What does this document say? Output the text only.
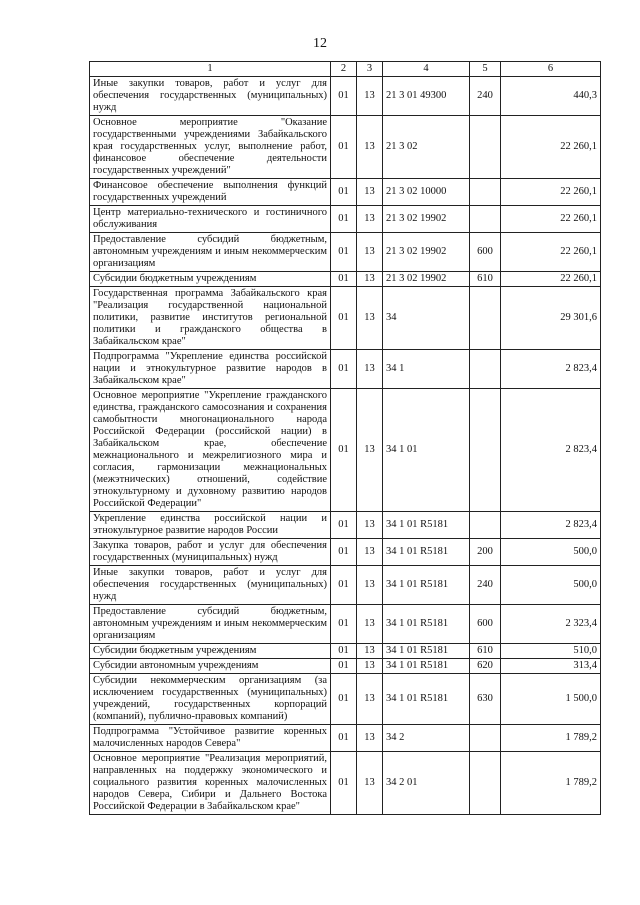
12
1	2	3	4	5	6
Иные закупки товаров, работ и услуг для обеспечения государственных (муниципальных) нужд	01	13	21 3 01 49300	240	440,3
Основное мероприятие "Оказание государственными учреждениями Забайкальского края государственных услуг, выполнение работ, финансовое обеспечение деятельности государственных учреждений"	01	13	21 3 02		22 260,1
Финансовое обеспечение выполнения функций государственных учреждений	01	13	21 3 02 10000		22 260,1
Центр материально-технического и гостиничного обслуживания	01	13	21 3 02 19902		22 260,1
Предоставление субсидий бюджетным, автономным учреждениям и иным некоммерческим организациям	01	13	21 3 02 19902	600	22 260,1
Субсидии бюджетным учреждениям	01	13	21 3 02 19902	610	22 260,1
Государственная программа Забайкальского края "Реализация государственной национальной политики, развитие институтов региональной политики и гражданского общества в Забайкальском крае"	01	13	34		29 301,6
Подпрограмма "Укрепление единства российской нации и этнокультурное развитие народов в Забайкальском крае"	01	13	34 1		2 823,4
Основное мероприятие "Укрепление гражданского единства, гражданского самосознания и сохранения самобытности многонационального народа Российской Федерации (российской нации) в Забайкальском крае, обеспечение межнационального и межрелигиозного мира и согласия, гармонизации межнациональных (межэтнических) отношений, содействие этнокультурному и духовному развитию народов Российской Федерации"	01	13	34 1 01		2 823,4
Укрепление единства российской нации и этнокультурное развитие народов России	01	13	34 1 01 R5181		2 823,4
Закупка товаров, работ и услуг для обеспечения государственных (муниципальных) нужд	01	13	34 1 01 R5181	200	500,0
Иные закупки товаров, работ и услуг для обеспечения государственных (муниципальных) нужд	01	13	34 1 01 R5181	240	500,0
Предоставление субсидий бюджетным, автономным учреждениям и иным некоммерческим организациям	01	13	34 1 01 R5181	600	2 323,4
Субсидии бюджетным учреждениям	01	13	34 1 01 R5181	610	510,0
Субсидии автономным учреждениям	01	13	34 1 01 R5181	620	313,4
Субсидии некоммерческим организациям (за исключением государственных (муниципальных) учреждений, государственных корпораций (компаний), публично-правовых компаний)	01	13	34 1 01 R5181	630	1 500,0
Подпрограмма "Устойчивое развитие коренных малочисленных народов Севера"	01	13	34 2		1 789,2
Основное мероприятие "Реализация мероприятий, направленных на поддержку экономического и социального развития коренных малочисленных народов Севера, Сибири и Дальнего Востока Российской Федерации в Забайкальском крае"	01	13	34 2 01		1 789,2
